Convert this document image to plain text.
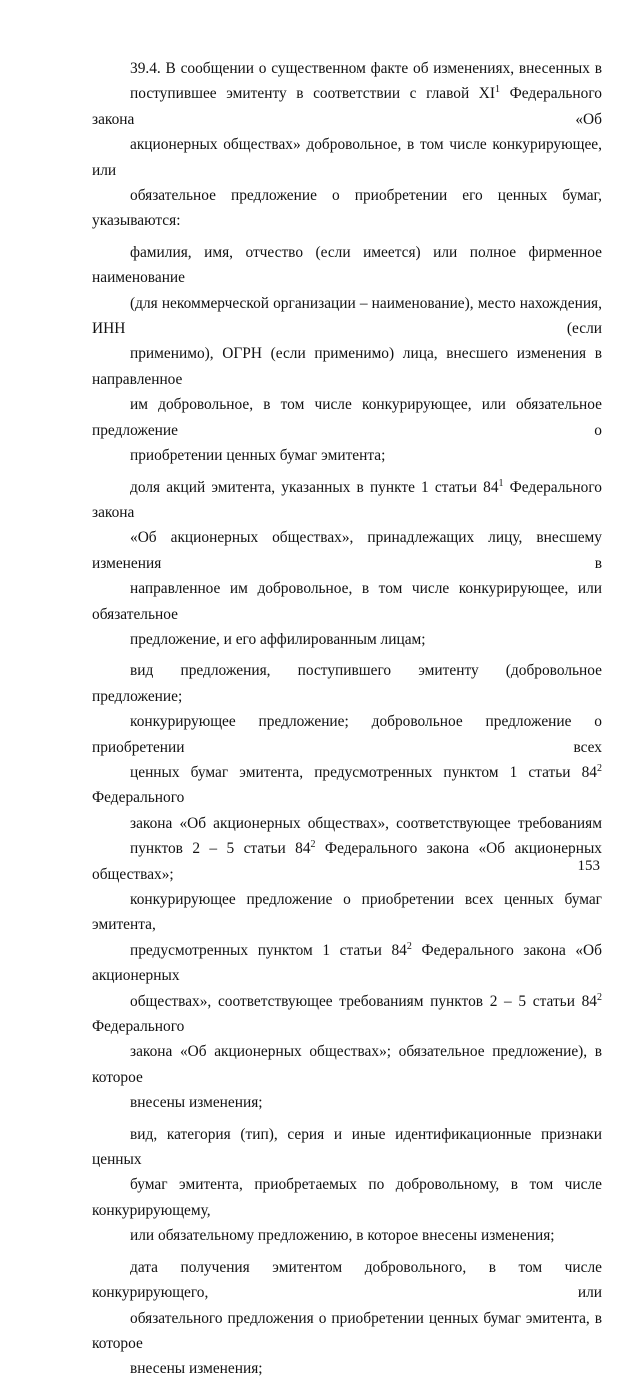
39.4. В сообщении о существенном факте об изменениях, внесенных в
поступившее эмитенту в соответствии с главой $XI^1$ Федерального закона «Об
акционерных обществах» добровольное, в том числе конкурирующее, или
обязательное предложение о приобретении его ценных бумаг, указываются:
фамилия, имя, отчество (если имеется) или полное фирменное наименование
(для некоммерческой организации – наименование), место нахождения, ИНН (если
применимо), ОГРН (если применимо) лица, внесшего изменения в направленное
им добровольное, в том числе конкурирующее, или обязательное предложение о
приобретении ценных бумаг эмитента;
доля акций эмитента, указанных в пункте 1 статьи $84^1$ Федерального закона
«Об акционерных обществах», принадлежащих лицу, внесшему изменения в
направленное им добровольное, в том числе конкурирующее, или обязательное
предложение, и его аффилированным лицам;
вид предложения, поступившего эмитенту (добровольное предложение;
конкурирующее предложение; добровольное предложение о приобретении всех
ценных бумаг эмитента, предусмотренных пунктом 1 статьи $84^2$ Федерального
закона «Об акционерных обществах», соответствующее требованиям
пунктов 2 – 5 статьи $84^2$ Федерального закона «Об акционерных обществах»;
конкурирующее предложение о приобретении всех ценных бумаг эмитента,
предусмотренных пунктом 1 статьи $84^2$ Федерального закона «Об акционерных
обществах», соответствующее требованиям пунктов 2 – 5 статьи $84^2$ Федерального
закона «Об акционерных обществах»; обязательное предложение), в которое
внесены изменения;
вид, категория (тип), серия и иные идентификационные признаки ценных
бумаг эмитента, приобретаемых по добровольному, в том числе конкурирующему,
или обязательному предложению, в которое внесены изменения;
дата получения эмитентом добровольного, в том числе конкурирующего, или
обязательного предложения о приобретении ценных бумаг эмитента, в которое
внесены изменения;
153
